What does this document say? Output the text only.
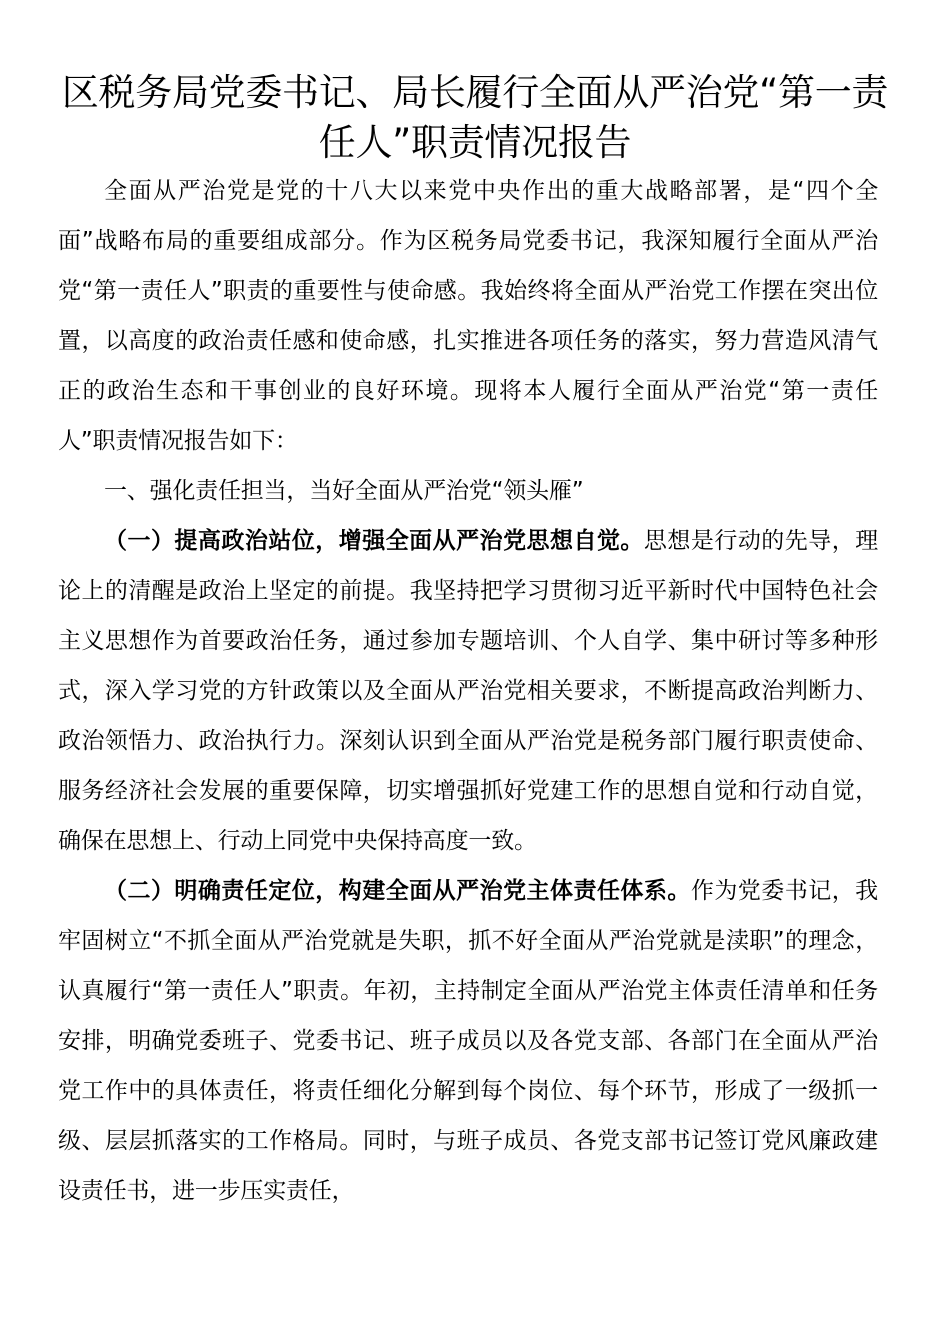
区税务局党委书记、局长履行全面从严治党“第一责
任人”职责情况报告

全面从严治党是党的十八大以来党中央作出的重大战略部署，是“四个全面”战略布局的重要组成部分。作为区税务局党委书记，我深知履行全面从严治党“第一责任人”职责的重要性与使命感。我始终将全面从严治党工作摆在突出位置，以高度的政治责任感和使命感，扎实推进各项任务的落实，努力营造风清气正的政治生态和干事创业的良好环境。现将本人履行全面从严治党“第一责任人”职责情况报告如下：

一、强化责任担当，当好全面从严治党“领头雁”

（一）提高政治站位，增强全面从严治党思想自觉。思想是行动的先导，理论上的清醒是政治上坚定的前提。我坚持把学习贯彻习近平新时代中国特色社会主义思想作为首要政治任务，通过参加专题培训、个人自学、集中研讨等多种形式，深入学习党的方针政策以及全面从严治党相关要求，不断提高政治判断力、政治领悟力、政治执行力。深刻认识到全面从严治党是税务部门履行职责使命、服务经济社会发展的重要保障，切实增强抓好党建工作的思想自觉和行动自觉，确保在思想上、行动上同党中央保持高度一致。

（二）明确责任定位，构建全面从严治党主体责任体系。作为党委书记，我牢固树立“不抓全面从严治党就是失职，抓不好全面从严治党就是渎职”的理念，认真履行“第一责任人”职责。年初，主持制定全面从严治党主体责任清单和任务安排，明确党委班子、党委书记、班子成员以及各党支部、各部门在全面从严治党工作中的具体责任，将责任细化分解到每个岗位、每个环节，形成了一级抓一级、层层抓落实的工作格局。同时，与班子成员、各党支部书记签订党风廉政建设责任书，进一步压实责任，
